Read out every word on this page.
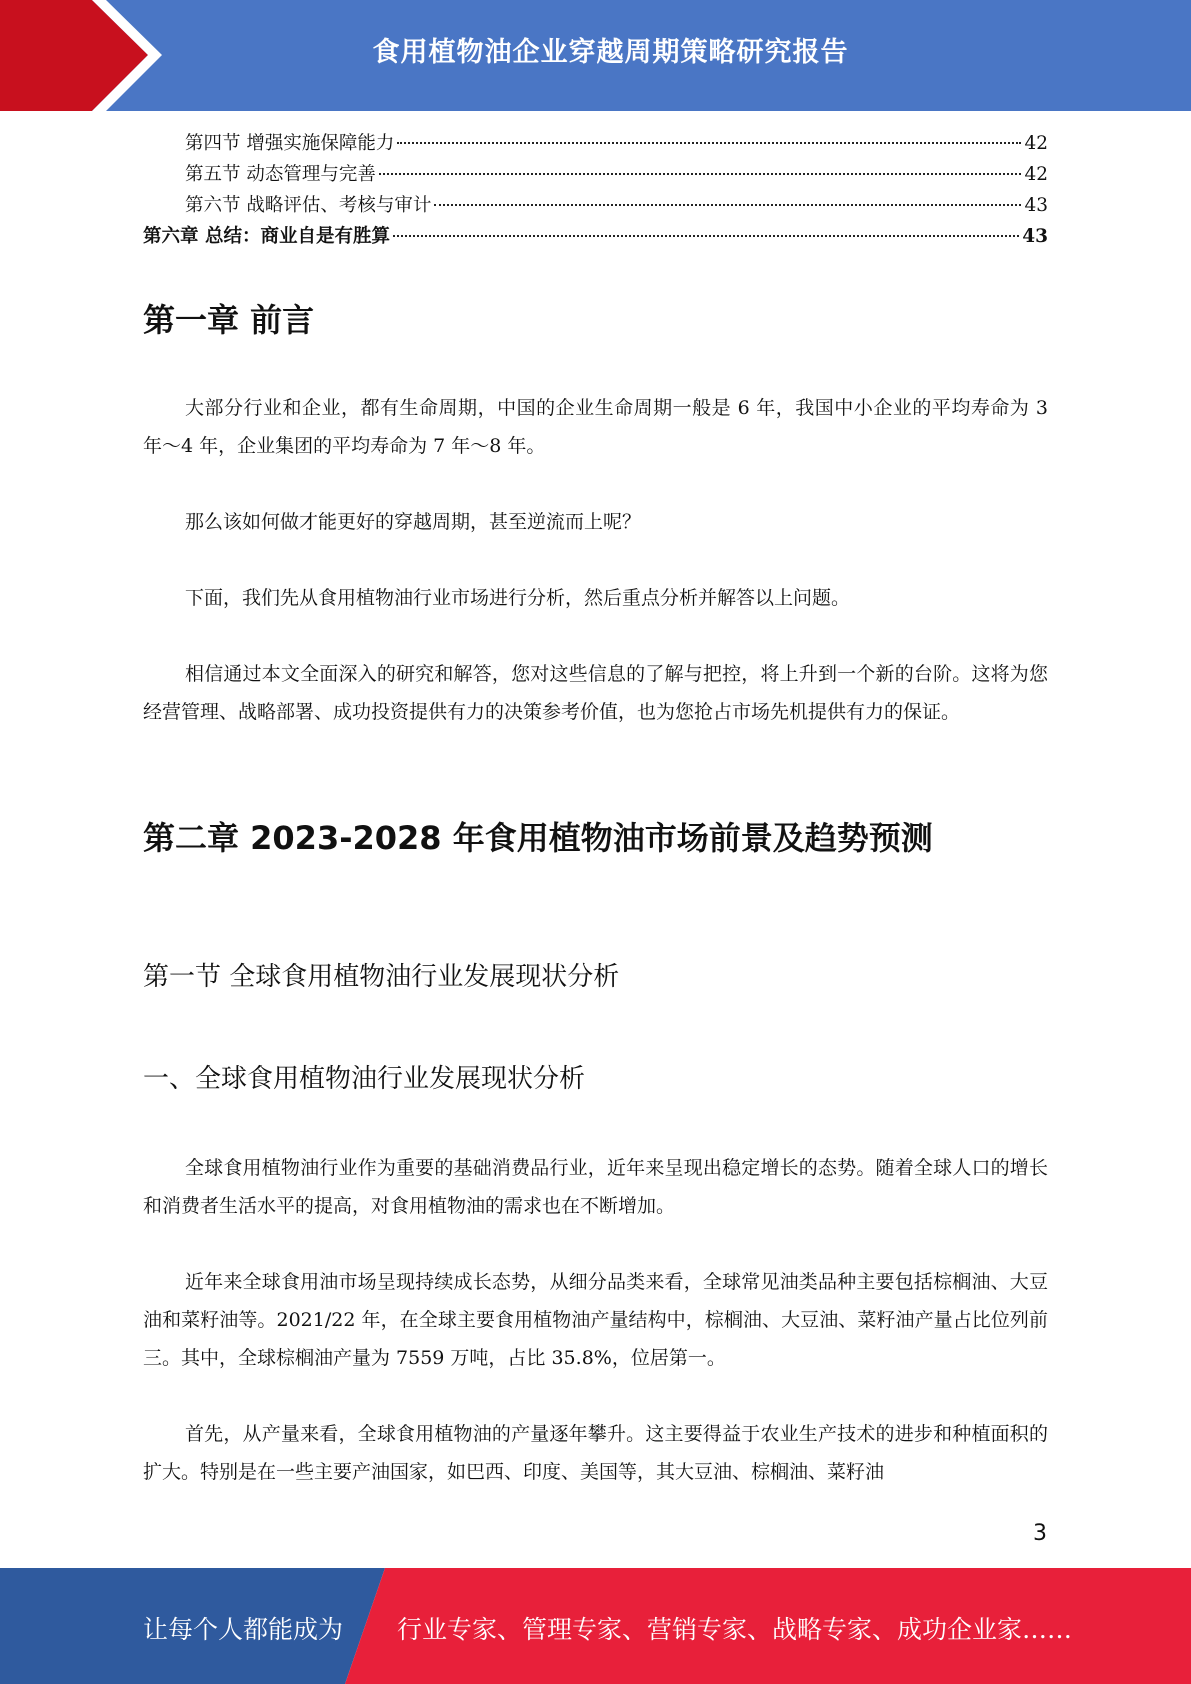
食用植物油企业穿越周期策略研究报告
第四节 增强实施保障能力	42
第五节 动态管理与完善	42
第六节 战略评估、考核与审计	43
第六章 总结：商业自是有胜算	43
第一章 前言
大部分行业和企业，都有生命周期，中国的企业生命周期一般是 6 年，我国中小企业的平均寿命为 3 年～4 年，企业集团的平均寿命为 7 年～8 年。
那么该如何做才能更好的穿越周期，甚至逆流而上呢？
下面，我们先从食用植物油行业市场进行分析，然后重点分析并解答以上问题。
相信通过本文全面深入的研究和解答，您对这些信息的了解与把控，将上升到一个新的台阶。这将为您经营管理、战略部署、成功投资提供有力的决策参考价值，也为您抢占市场先机提供有力的保证。
第二章 2023-2028 年食用植物油市场前景及趋势预测
第一节 全球食用植物油行业发展现状分析
一、全球食用植物油行业发展现状分析
全球食用植物油行业作为重要的基础消费品行业，近年来呈现出稳定增长的态势。随着全球人口的增长和消费者生活水平的提高，对食用植物油的需求也在不断增加。
近年来全球食用油市场呈现持续成长态势，从细分品类来看，全球常见油类品种主要包括棕榈油、大豆油和菜籽油等。2021/22 年，在全球主要食用植物油产量结构中，棕榈油、大豆油、菜籽油产量占比位列前三。其中，全球棕榈油产量为 7559 万吨，占比 35.8%，位居第一。
首先，从产量来看，全球食用植物油的产量逐年攀升。这主要得益于农业生产技术的进步和种植面积的扩大。特别是在一些主要产油国家，如巴西、印度、美国等，其大豆油、棕榈油、菜籽油
3
让每个人都能成为 行业专家、管理专家、营销专家、战略专家、成功企业家……
